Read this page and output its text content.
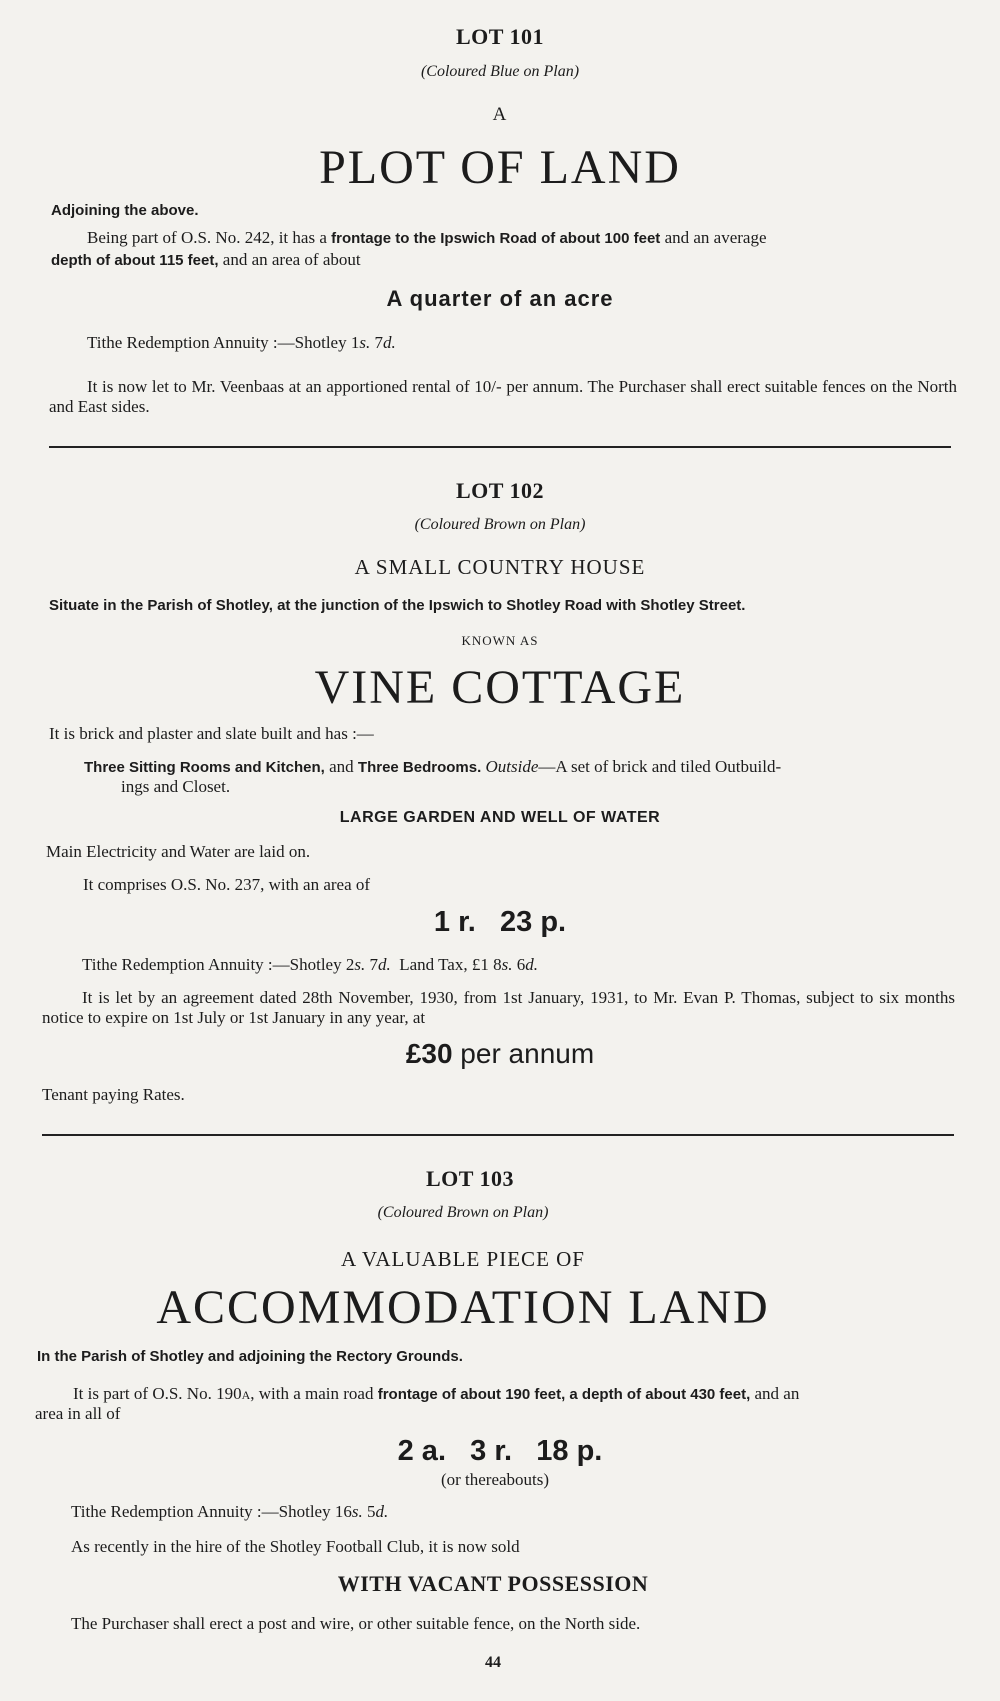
LOT 101
(Coloured Blue on Plan)
A
PLOT OF LAND
Adjoining the above.
Being part of O.S. No. 242, it has a frontage to the Ipswich Road of about 100 feet and an average
depth of about 115 feet, and an area of about
A quarter of an acre
Tithe Redemption Annuity :—Shotley 1s. 7d.
It is now let to Mr. Veenbaas at an apportioned rental of 10/- per annum. The Purchaser shall erect suitable fences on the North and East sides.
LOT 102
(Coloured Brown on Plan)
A SMALL COUNTRY HOUSE
Situate in the Parish of Shotley, at the junction of the Ipswich to Shotley Road with Shotley Street.
KNOWN AS
VINE COTTAGE
It is brick and plaster and slate built and has :—
Three Sitting Rooms and Kitchen, and Three Bedrooms. Outside—A set of brick and tiled Outbuild-
ings and Closet.
LARGE GARDEN AND WELL OF WATER
Main Electricity and Water are laid on.
It comprises O.S. No. 237, with an area of
1 r.   23 p.
Tithe Redemption Annuity :—Shotley 2s. 7d.  Land Tax, £1 8s. 6d.
It is let by an agreement dated 28th November, 1930, from 1st January, 1931, to Mr. Evan P. Thomas, subject to six months notice to expire on 1st July or 1st January in any year, at
£30 per annum
Tenant paying Rates.
LOT 103
(Coloured Brown on Plan)
A VALUABLE PIECE OF
ACCOMMODATION LAND
In the Parish of Shotley and adjoining the Rectory Grounds.
It is part of O.S. No. 190A, with a main road frontage of about 190 feet, a depth of about 430 feet, and an
area in all of
2 a.   3 r.   18 p.
(or thereabouts)
Tithe Redemption Annuity :—Shotley 16s. 5d.
As recently in the hire of the Shotley Football Club, it is now sold
WITH VACANT POSSESSION
The Purchaser shall erect a post and wire, or other suitable fence, on the North side.
44
